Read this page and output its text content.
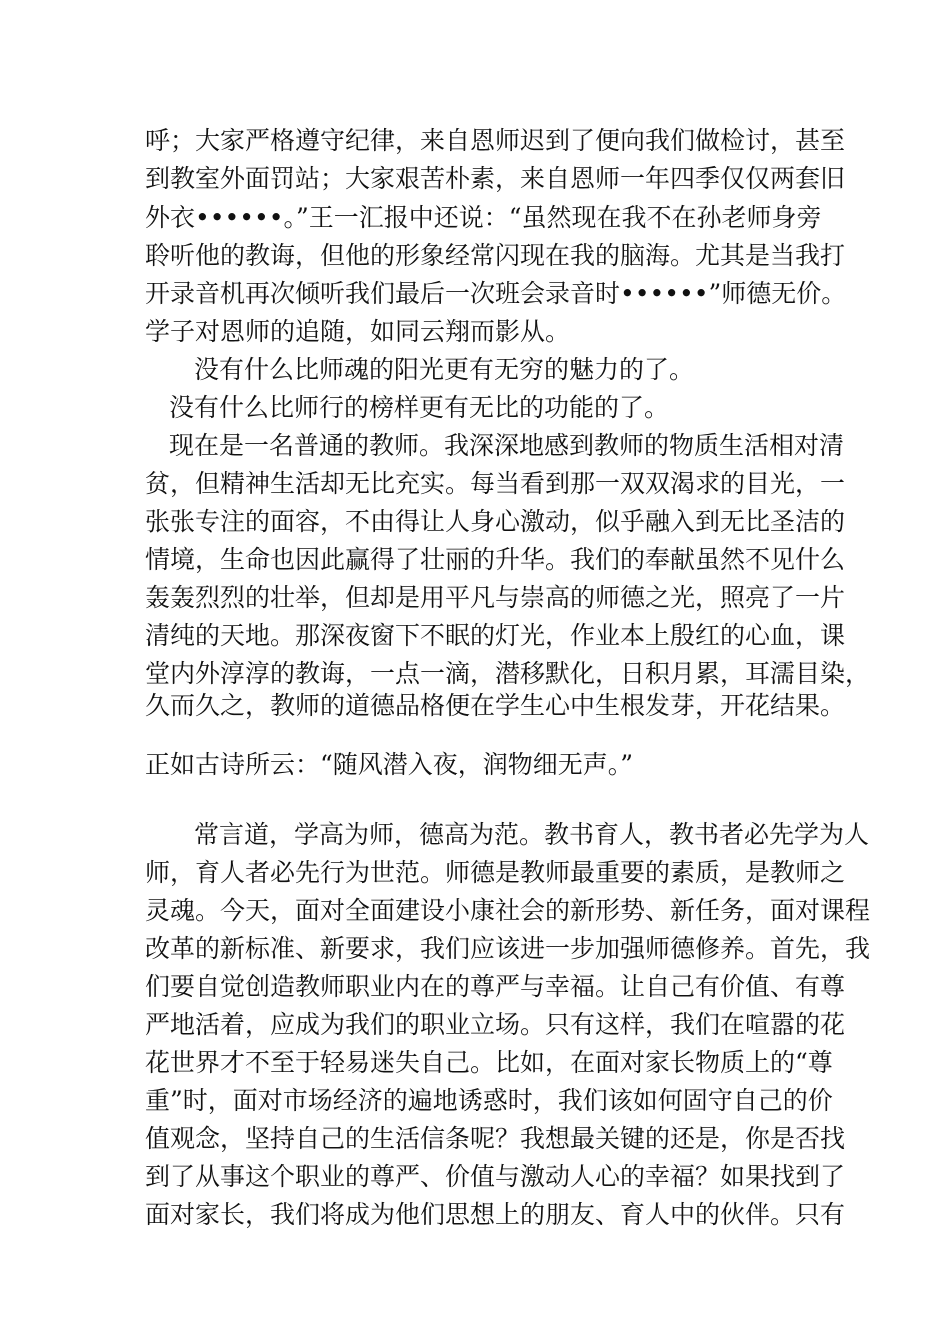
呼；大家严格遵守纪律，来自恩师迟到了便向我们做检讨，甚至

到教室外面罚站；大家艰苦朴素，来自恩师一年四季仅仅两套旧

外衣••••••。”王一汇报中还说：“虽然现在我不在孙老师身旁

聆听他的教诲，但他的形象经常闪现在我的脑海。尤其是当我打

开录音机再次倾听我们最后一次班会录音时••••••”师德无价。

学子对恩师的追随，如同云翔而影从。

没有什么比师魂的阳光更有无穷的魅力的了。

没有什么比师行的榜样更有无比的功能的了。

现在是一名普通的教师。我深深地感到教师的物质生活相对清

贫，但精神生活却无比充实。每当看到那一双双渴求的目光，一

张张专注的面容，不由得让人身心激动，似乎融入到无比圣洁的

情境，生命也因此赢得了壮丽的升华。我们的奉献虽然不见什么

轰轰烈烈的壮举，但却是用平凡与崇高的师德之光，照亮了一片

清纯的天地。那深夜窗下不眠的灯光，作业本上殷红的心血，课

堂内外淳淳的教诲，一点一滴，潜移默化，日积月累，耳濡目染，

久而久之，教师的道德品格便在学生心中生根发芽，开花结果。

正如古诗所云：“随风潜入夜，润物细无声。”

常言道，学高为师，德高为范。教书育人，教书者必先学为人

师，育人者必先行为世范。师德是教师最重要的素质，是教师之

灵魂。今天，面对全面建设小康社会的新形势、新任务，面对课程

改革的新标准、新要求，我们应该进一步加强师德修养。首先，我

们要自觉创造教师职业内在的尊严与幸福。让自己有价值、有尊

严地活着，应成为我们的职业立场。只有这样，我们在喧嚣的花

花世界才不至于轻易迷失自己。比如，在面对家长物质上的“尊

重”时，面对市场经济的遍地诱惑时，我们该如何固守自己的价

值观念，坚持自己的生活信条呢？我想最关键的还是，你是否找

到了从事这个职业的尊严、价值与激动人心的幸福？如果找到了

面对家长，我们将成为他们思想上的朋友、育人中的伙伴。只有
